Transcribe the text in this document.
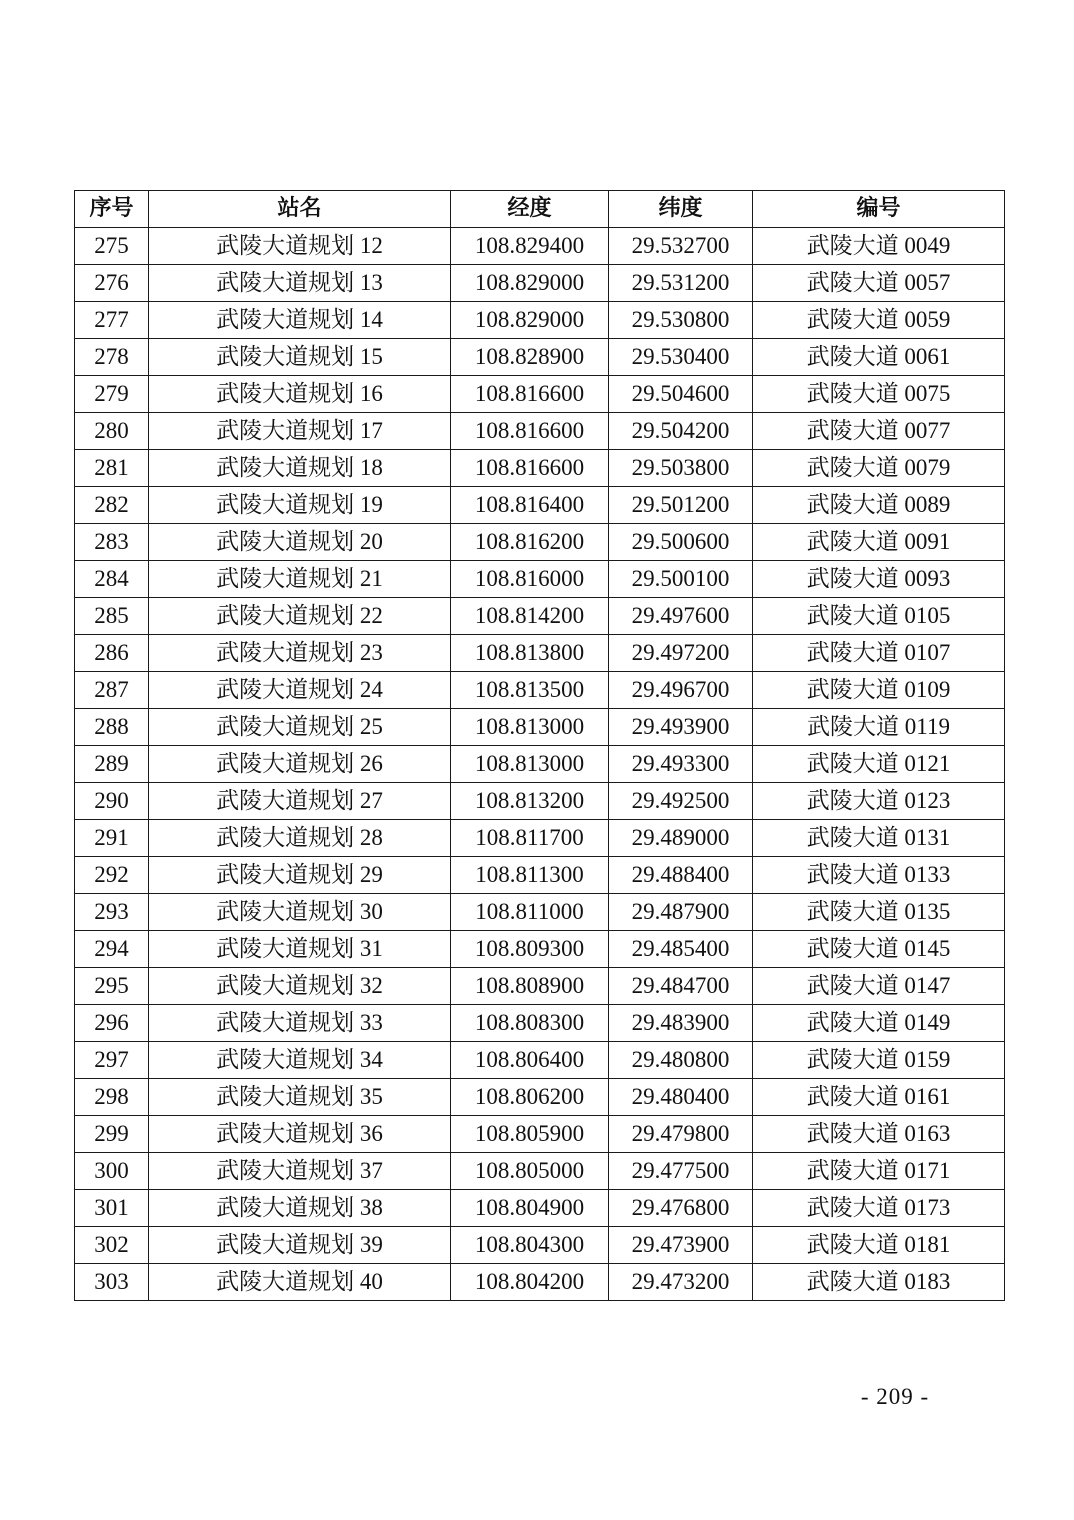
序号	站名	经度	纬度	编号
275	武陵大道规划 12	108.829400	29.532700	武陵大道 0049
276	武陵大道规划 13	108.829000	29.531200	武陵大道 0057
277	武陵大道规划 14	108.829000	29.530800	武陵大道 0059
278	武陵大道规划 15	108.828900	29.530400	武陵大道 0061
279	武陵大道规划 16	108.816600	29.504600	武陵大道 0075
280	武陵大道规划 17	108.816600	29.504200	武陵大道 0077
281	武陵大道规划 18	108.816600	29.503800	武陵大道 0079
282	武陵大道规划 19	108.816400	29.501200	武陵大道 0089
283	武陵大道规划 20	108.816200	29.500600	武陵大道 0091
284	武陵大道规划 21	108.816000	29.500100	武陵大道 0093
285	武陵大道规划 22	108.814200	29.497600	武陵大道 0105
286	武陵大道规划 23	108.813800	29.497200	武陵大道 0107
287	武陵大道规划 24	108.813500	29.496700	武陵大道 0109
288	武陵大道规划 25	108.813000	29.493900	武陵大道 0119
289	武陵大道规划 26	108.813000	29.493300	武陵大道 0121
290	武陵大道规划 27	108.813200	29.492500	武陵大道 0123
291	武陵大道规划 28	108.811700	29.489000	武陵大道 0131
292	武陵大道规划 29	108.811300	29.488400	武陵大道 0133
293	武陵大道规划 30	108.811000	29.487900	武陵大道 0135
294	武陵大道规划 31	108.809300	29.485400	武陵大道 0145
295	武陵大道规划 32	108.808900	29.484700	武陵大道 0147
296	武陵大道规划 33	108.808300	29.483900	武陵大道 0149
297	武陵大道规划 34	108.806400	29.480800	武陵大道 0159
298	武陵大道规划 35	108.806200	29.480400	武陵大道 0161
299	武陵大道规划 36	108.805900	29.479800	武陵大道 0163
300	武陵大道规划 37	108.805000	29.477500	武陵大道 0171
301	武陵大道规划 38	108.804900	29.476800	武陵大道 0173
302	武陵大道规划 39	108.804300	29.473900	武陵大道 0181
303	武陵大道规划 40	108.804200	29.473200	武陵大道 0183
- 209 -
